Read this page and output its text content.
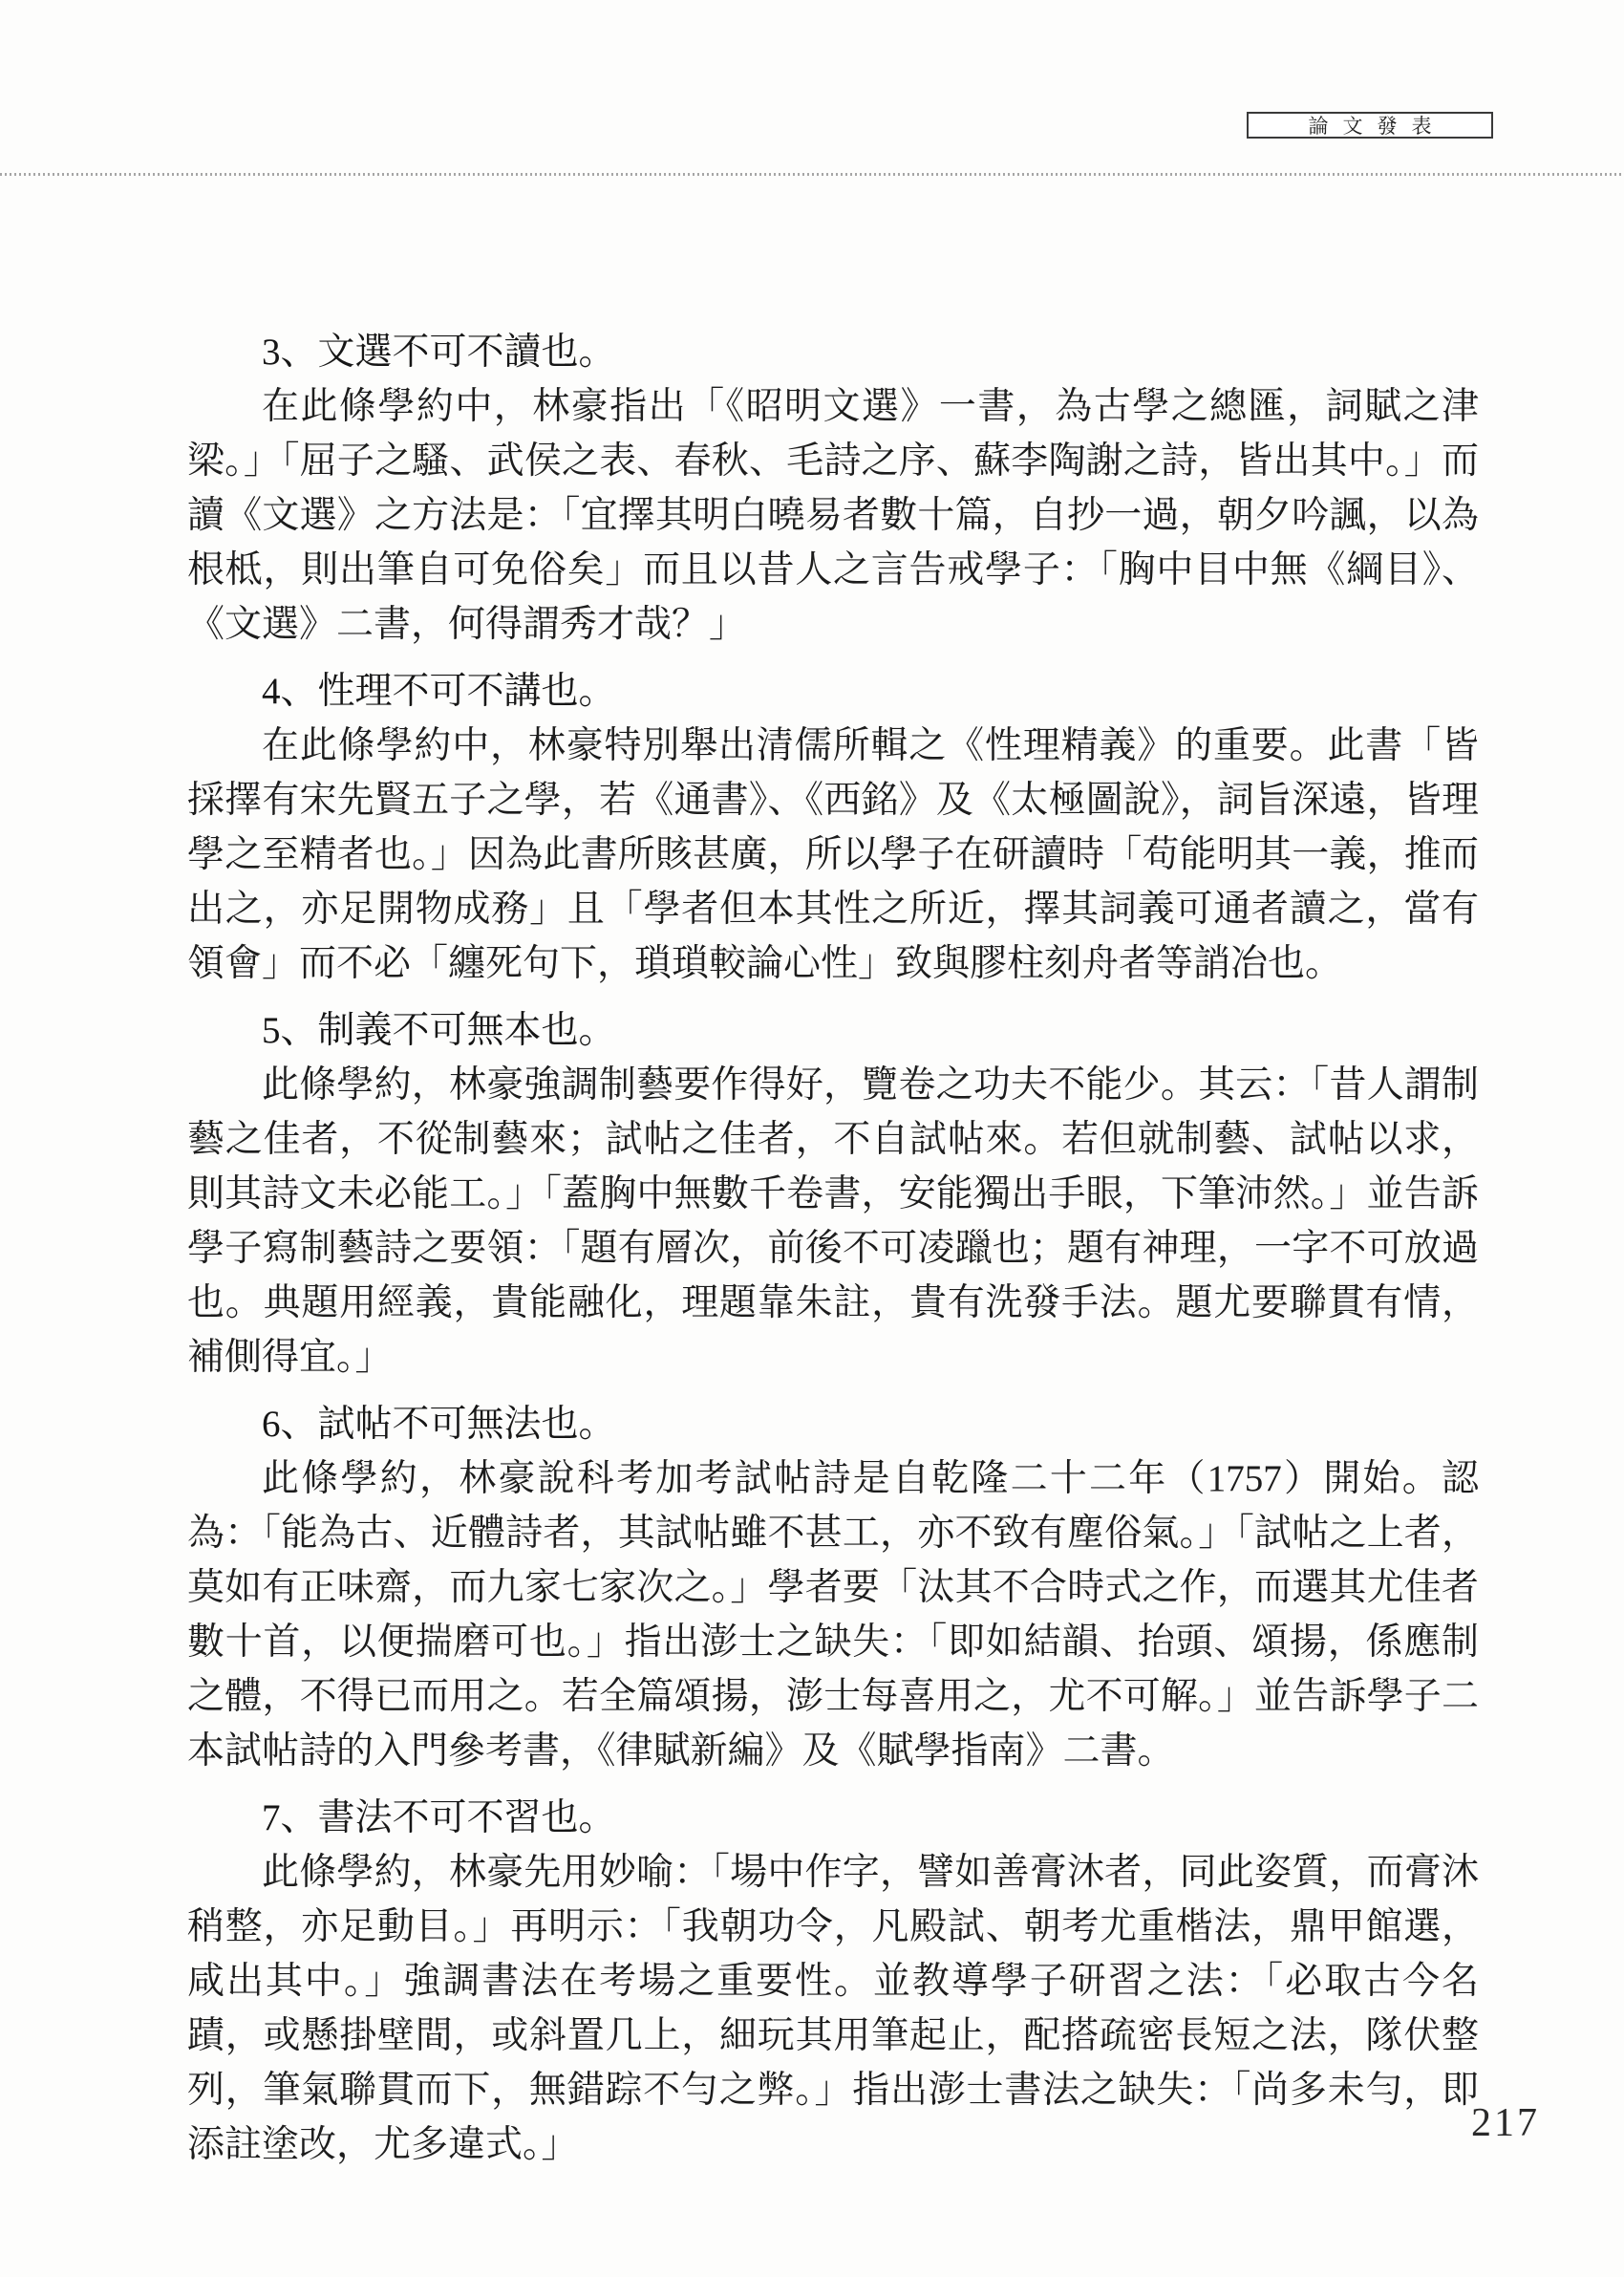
論文發表
3、文選不可不讀也。

在此條學約中，林豪指出「《昭明文選》一書，為古學之總匯，詞賦之津梁。」「屈子之騷、武侯之表、春秋、毛詩之序、蘇李陶謝之詩，皆出其中。」而讀《文選》之方法是：「宜擇其明白曉易者數十篇，自抄一過，朝夕吟諷，以為根柢，則出筆自可免俗矣」而且以昔人之言告戒學子：「胸中目中無《綱目》、《文選》二書，何得謂秀才哉？」

4、性理不可不講也。

在此條學約中，林豪特別舉出清儒所輯之《性理精義》的重要。此書「皆採擇有宋先賢五子之學，若《通書》、《西銘》及《太極圖說》，詞旨深遠，皆理學之至精者也。」因為此書所賅甚廣，所以學子在研讀時「苟能明其一義，推而出之，亦足開物成務」且「學者但本其性之所近，擇其詞義可通者讀之，當有領會」而不必「纏死句下，瑣瑣較論心性」致與膠柱刻舟者等誚冶也。

5、制義不可無本也。

此條學約，林豪強調制藝要作得好，覽卷之功夫不能少。其云：「昔人謂制藝之佳者，不從制藝來；試帖之佳者，不自試帖來。若但就制藝、試帖以求，則其詩文未必能工。」「蓋胸中無數千卷書，安能獨出手眼，下筆沛然。」並告訴學子寫制藝詩之要領：「題有層次，前後不可凌躐也；題有神理，一字不可放過也。典題用經義，貴能融化，理題靠朱註，貴有洗發手法。題尤要聯貫有情，補側得宜。」

6、試帖不可無法也。

此條學約，林豪說科考加考試帖詩是自乾隆二十二年（1757）開始。認為：「能為古、近體詩者，其試帖雖不甚工，亦不致有塵俗氣。」「試帖之上者，莫如有正味齋，而九家七家次之。」學者要「汰其不合時式之作，而選其尤佳者數十首，以便揣磨可也。」指出澎士之缺失：「即如結韻、抬頭、頌揚，係應制之體，不得已而用之。若全篇頌揚，澎士每喜用之，尤不可解。」並告訴學子二本試帖詩的入門參考書，《律賦新編》及《賦學指南》二書。

7、書法不可不習也。

此條學約，林豪先用妙喻：「場中作字，譬如善膏沐者，同此姿質，而膏沐稍整，亦足動目。」再明示：「我朝功令，凡殿試、朝考尤重楷法，鼎甲館選，咸出其中。」強調書法在考場之重要性。並教導學子研習之法：「必取古今名蹟，或懸掛壁間，或斜置几上，細玩其用筆起止，配搭疏密長短之法，隊伏整列，筆氣聯貫而下，無錯踪不勻之弊。」指出澎士書法之缺失：「尚多未勻，即添註塗改，尤多違式。」	217
